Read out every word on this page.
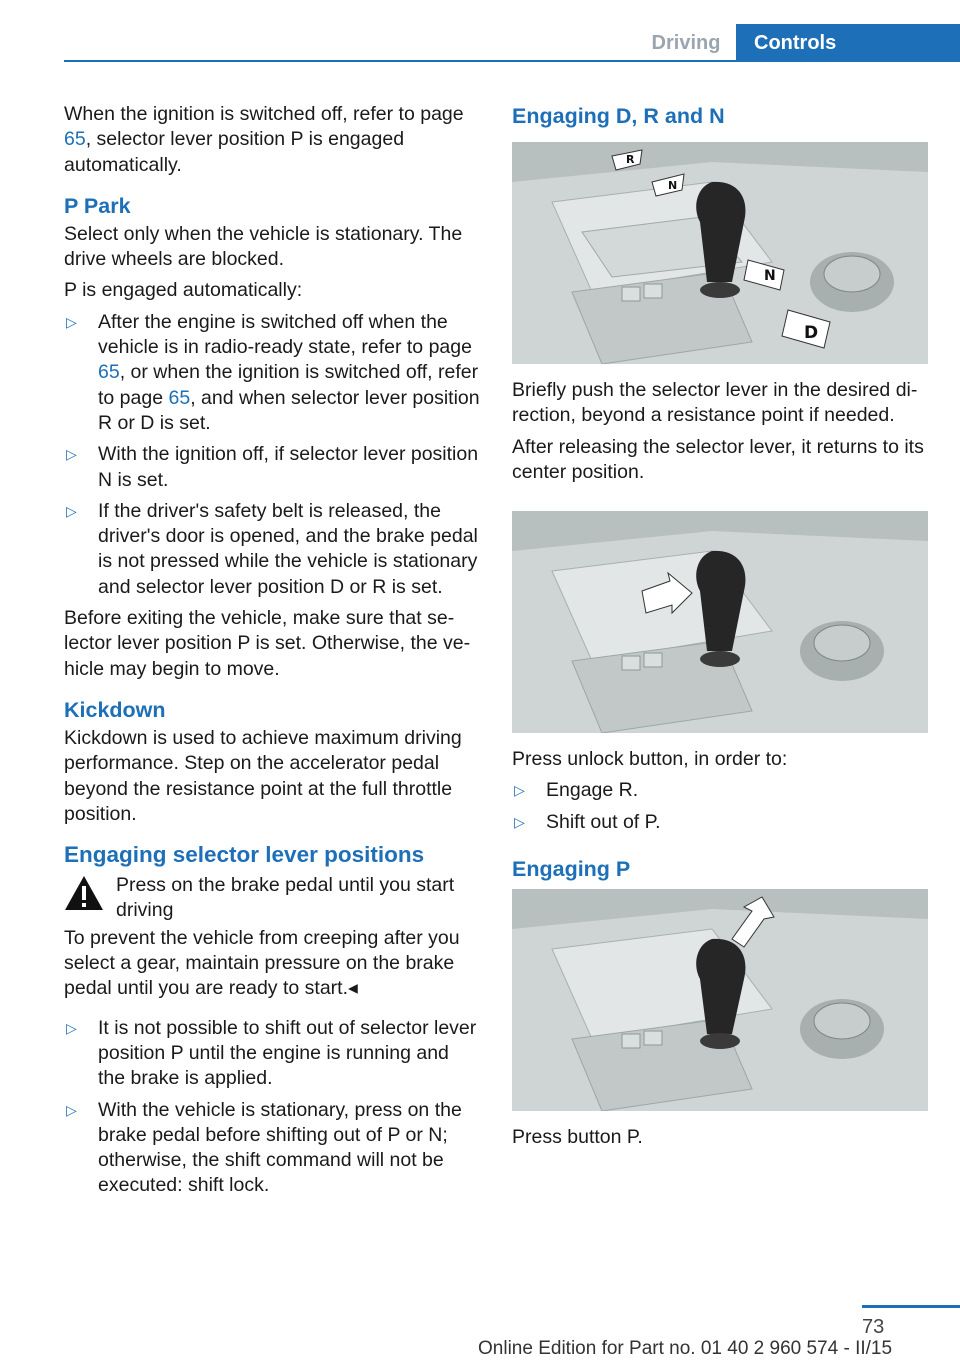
Driving	Controls

When the ignition is switched off, refer to page 65, selector lever position P is engaged automatically.

P Park

Select only when the vehicle is stationary. The drive wheels are blocked.

P is engaged automatically:

▷ After the engine is switched off when the vehicle is in radio-ready state, refer to page 65, or when the ignition is switched off, refer to page 65, and when selector lever position R or D is set.
▷ With the ignition off, if selector lever position N is set.
▷ If the driver's safety belt is released, the driver's door is opened, and the brake pedal is not pressed while the vehicle is stationary and selector lever position D or R is set.

Before exiting the vehicle, make sure that selector lever position P is set. Otherwise, the vehicle may begin to move.

Kickdown

Kickdown is used to achieve maximum driving performance. Step on the accelerator pedal beyond the resistance point at the full throttle position.

Engaging selector lever positions
Press on the brake pedal until you start driving

To prevent the vehicle from creeping after you select a gear, maintain pressure on the brake pedal until you are ready to start.◂

▷ It is not possible to shift out of selector lever position P until the engine is running and the brake is applied.
▷ With the vehicle is stationary, press on the brake pedal before shifting out of P or N; otherwise, the shift command will not be executed: shift lock.
Engaging D, R and N
R
N
N
D

Briefly push the selector lever in the desired direction, beyond a resistance point if needed.

After releasing the selector lever, it returns to its center position.

Press unlock button, in order to:

▷ Engage R.
▷ Shift out of P.
Engaging P

Press button P.

73
Online Edition for Part no. 01 40 2 960 574 - II/15
